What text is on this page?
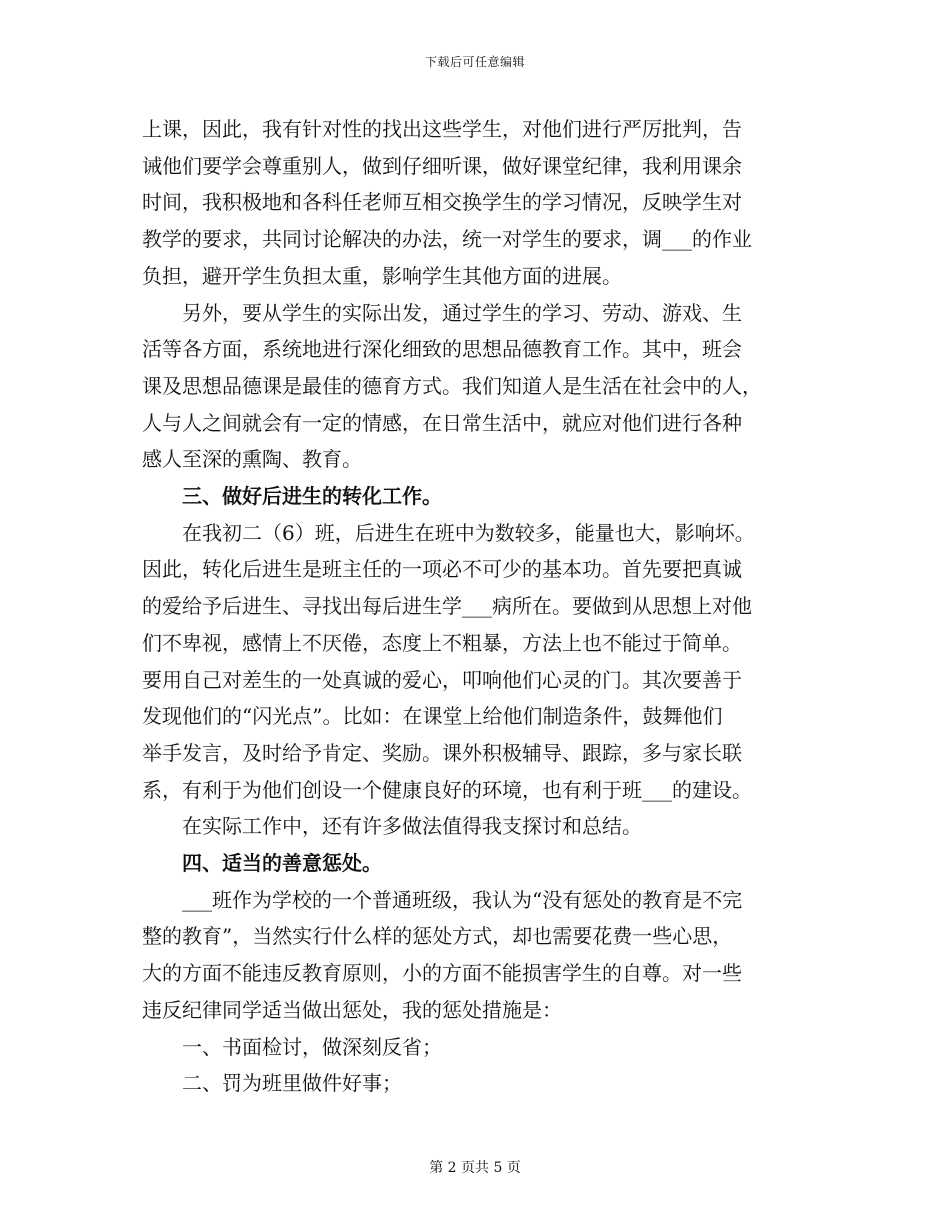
下载后可任意编辑
上课，因此，我有针对性的找出这些学生，对他们进行严厉批判，告
诫他们要学会尊重别人，做到仔细听课，做好课堂纪律，我利用课余
时间，我积极地和各科任老师互相交换学生的学习情况，反映学生对
教学的要求，共同讨论解决的办法，统一对学生的要求，调___的作业
负担，避开学生负担太重，影响学生其他方面的进展。
另外，要从学生的实际出发，通过学生的学习、劳动、游戏、生
活等各方面，系统地进行深化细致的思想品德教育工作。其中，班会
课及思想品德课是最佳的德育方式。我们知道人是生活在社会中的人，
人与人之间就会有一定的情感，在日常生活中，就应对他们进行各种
感人至深的熏陶、教育。
三、做好后进生的转化工作。
在我初二（6）班，后进生在班中为数较多，能量也大，影响坏。
因此，转化后进生是班主任的一项必不可少的基本功。首先要把真诚
的爱给予后进生、寻找出每后进生学___病所在。要做到从思想上对他
们不卑视，感情上不厌倦，态度上不粗暴，方法上也不能过于简单。
要用自己对差生的一处真诚的爱心，叩响他们心灵的门。其次要善于
发现他们的“闪光点”。比如：在课堂上给他们制造条件，鼓舞他们
举手发言，及时给予肯定、奖励。课外积极辅导、跟踪，多与家长联
系，有利于为他们创设一个健康良好的环境，也有利于班___的建设。
在实际工作中，还有许多做法值得我支探讨和总结。
四、适当的善意惩处。
___班作为学校的一个普通班级，我认为“没有惩处的教育是不完
整的教育”，当然实行什么样的惩处方式，却也需要花费一些心思，
大的方面不能违反教育原则，小的方面不能损害学生的自尊。对一些
违反纪律同学适当做出惩处，我的惩处措施是：
一、书面检讨，做深刻反省；
二、罚为班里做件好事；
第 2 页共 5 页
